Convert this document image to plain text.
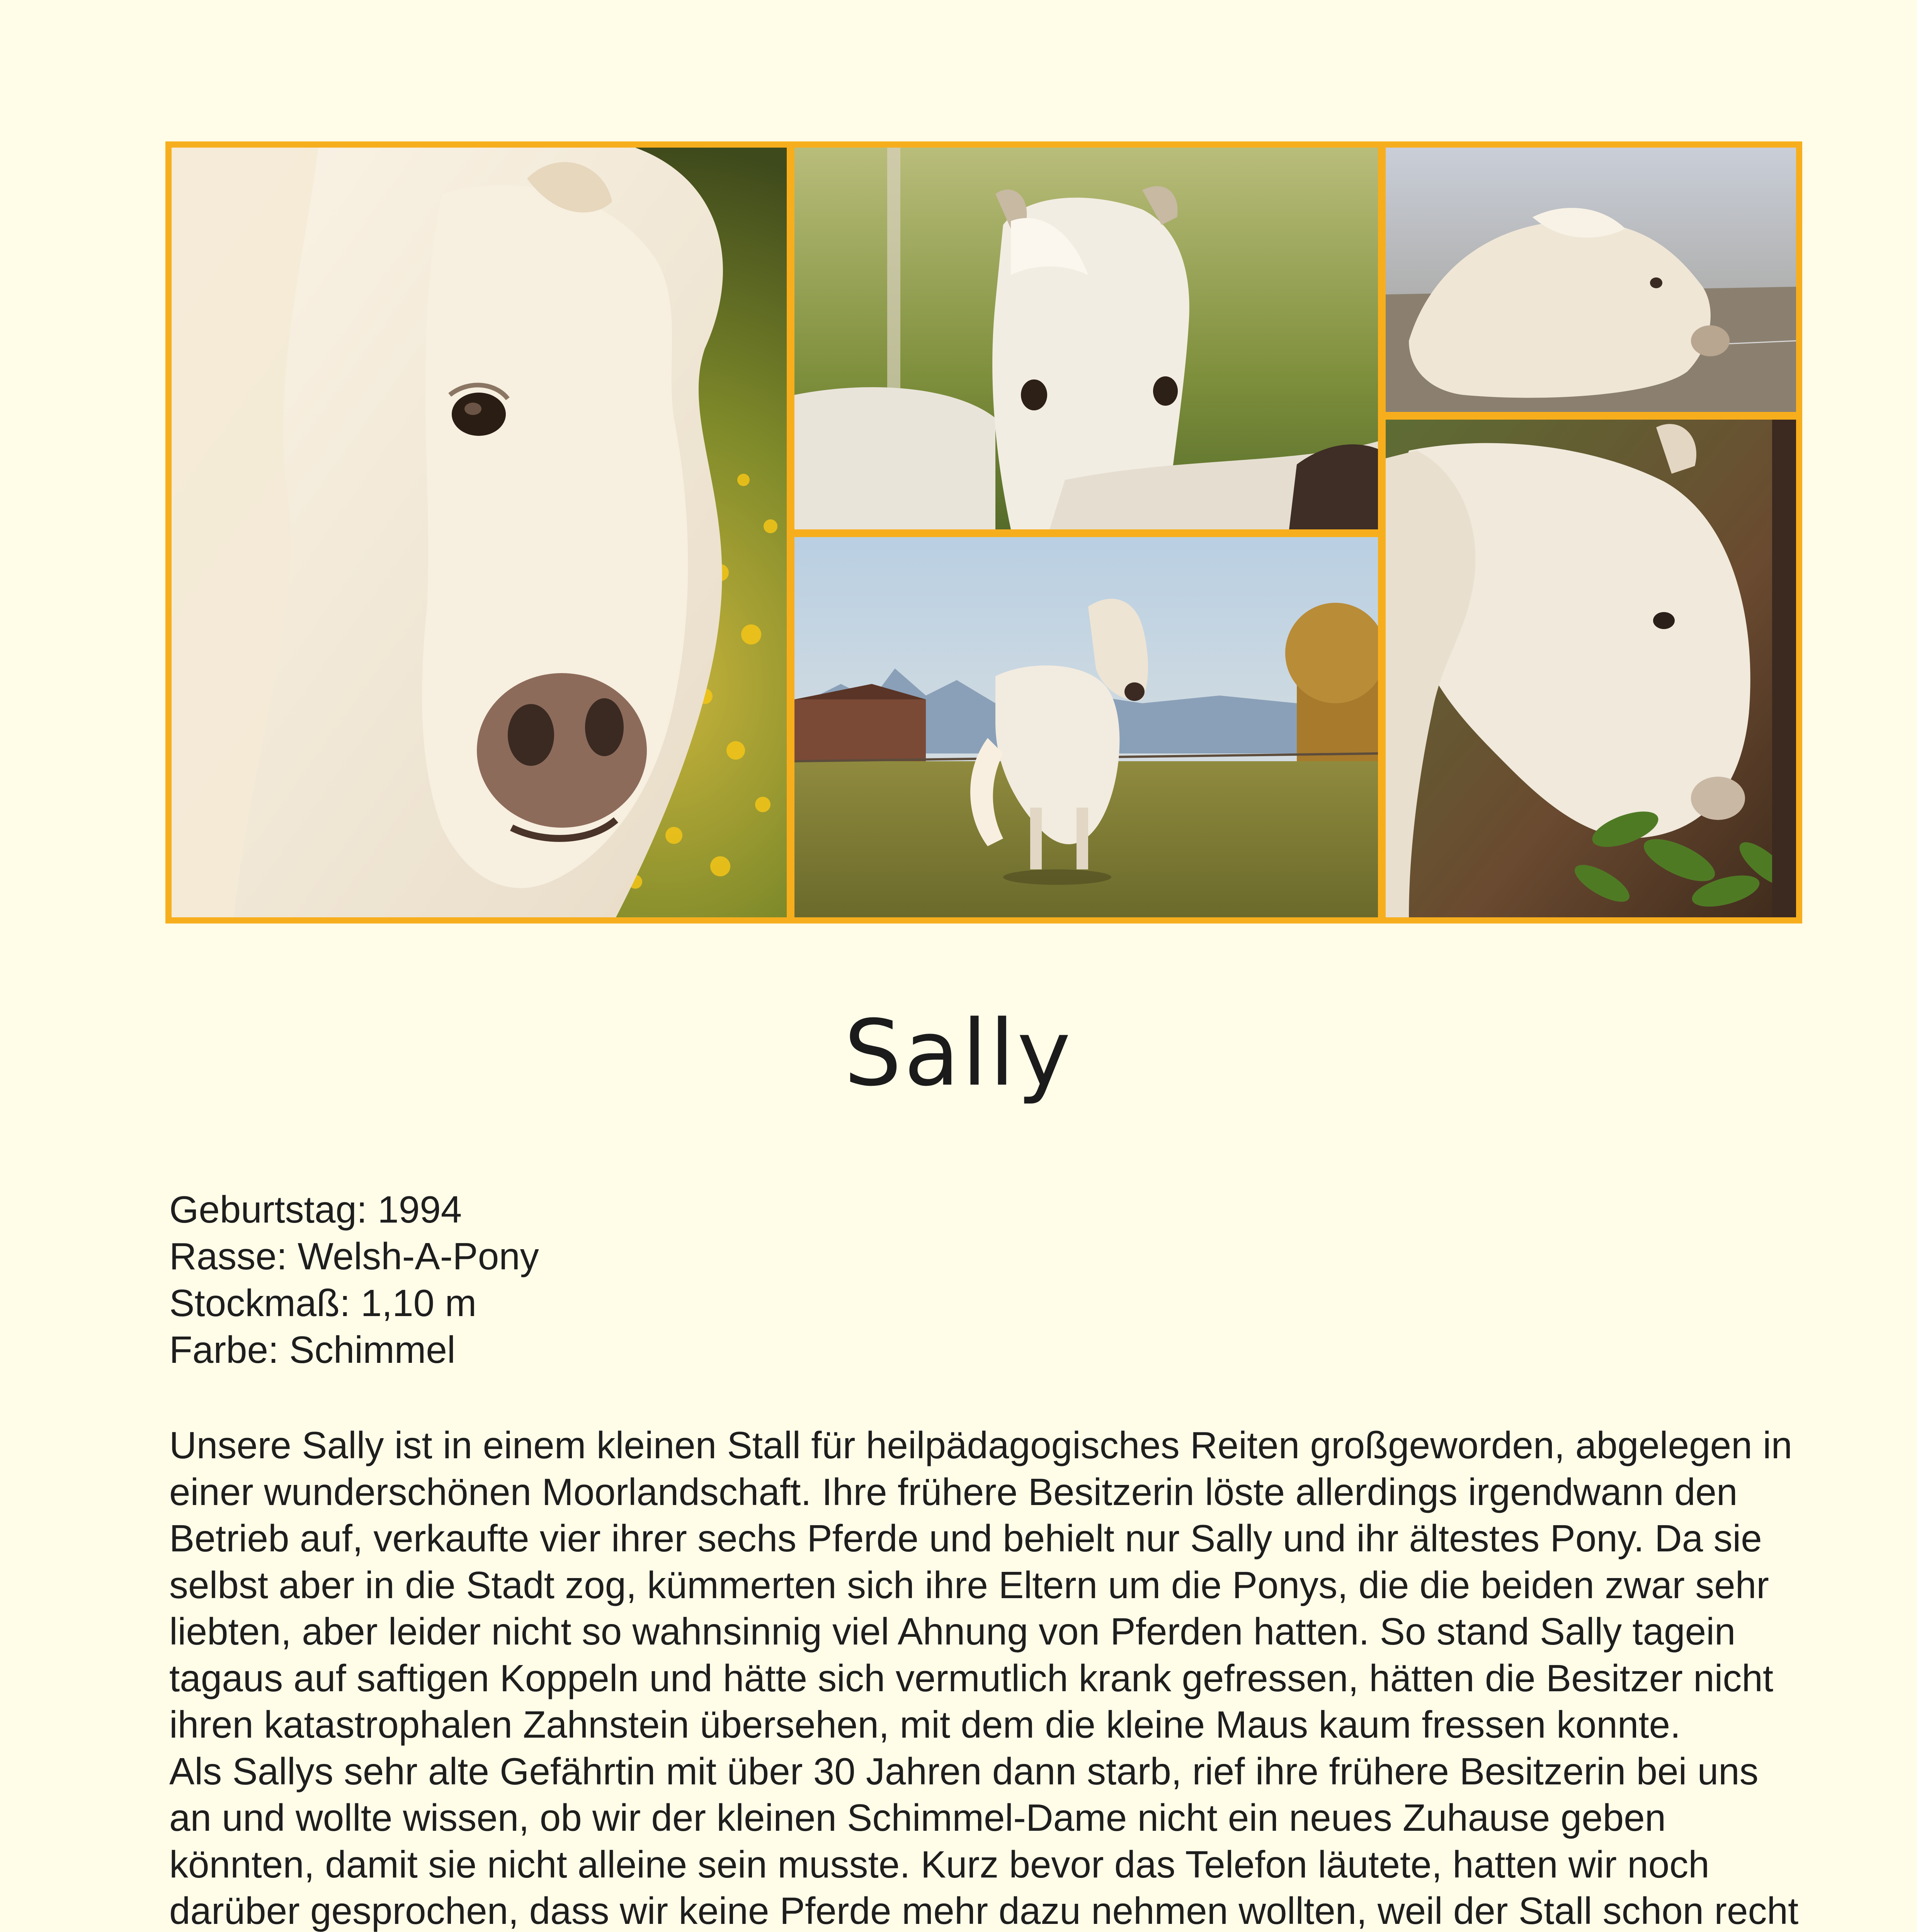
Sally
Geburtstag: 1994
Rasse: Welsh-A-Pony
Stockmaß: 1,10 m
Farbe: Schimmel

Unsere Sally ist in einem kleinen Stall für heilpädagogisches Reiten großgeworden, abgelegen in einer wunderschönen Moorlandschaft. Ihre frühere Besitzerin löste allerdings irgendwann den Betrieb auf, verkaufte vier ihrer sechs Pferde und behielt nur Sally und ihr ältestes Pony. Da sie selbst aber in die Stadt zog, kümmerten sich ihre Eltern um die Ponys, die die beiden zwar sehr liebten, aber leider nicht so wahnsinnig viel Ahnung von Pferden hatten. So stand Sally tagein tagaus auf saftigen Koppeln und hätte sich vermutlich krank gefressen, hätten die Besitzer nicht ihren katastrophalen Zahnstein übersehen, mit dem die kleine Maus kaum fressen konnte.

Als Sallys sehr alte Gefährtin mit über 30 Jahren dann starb, rief ihre frühere Besitzerin bei uns an und wollte wissen, ob wir der kleinen Schimmel-Dame nicht ein neues Zuhause geben könnten, damit sie nicht alleine sein musste. Kurz bevor das Telefon läutete, hatten wir noch darüber gesprochen, dass wir keine Pferde mehr dazu nehmen wollten, weil der Stall schon recht
